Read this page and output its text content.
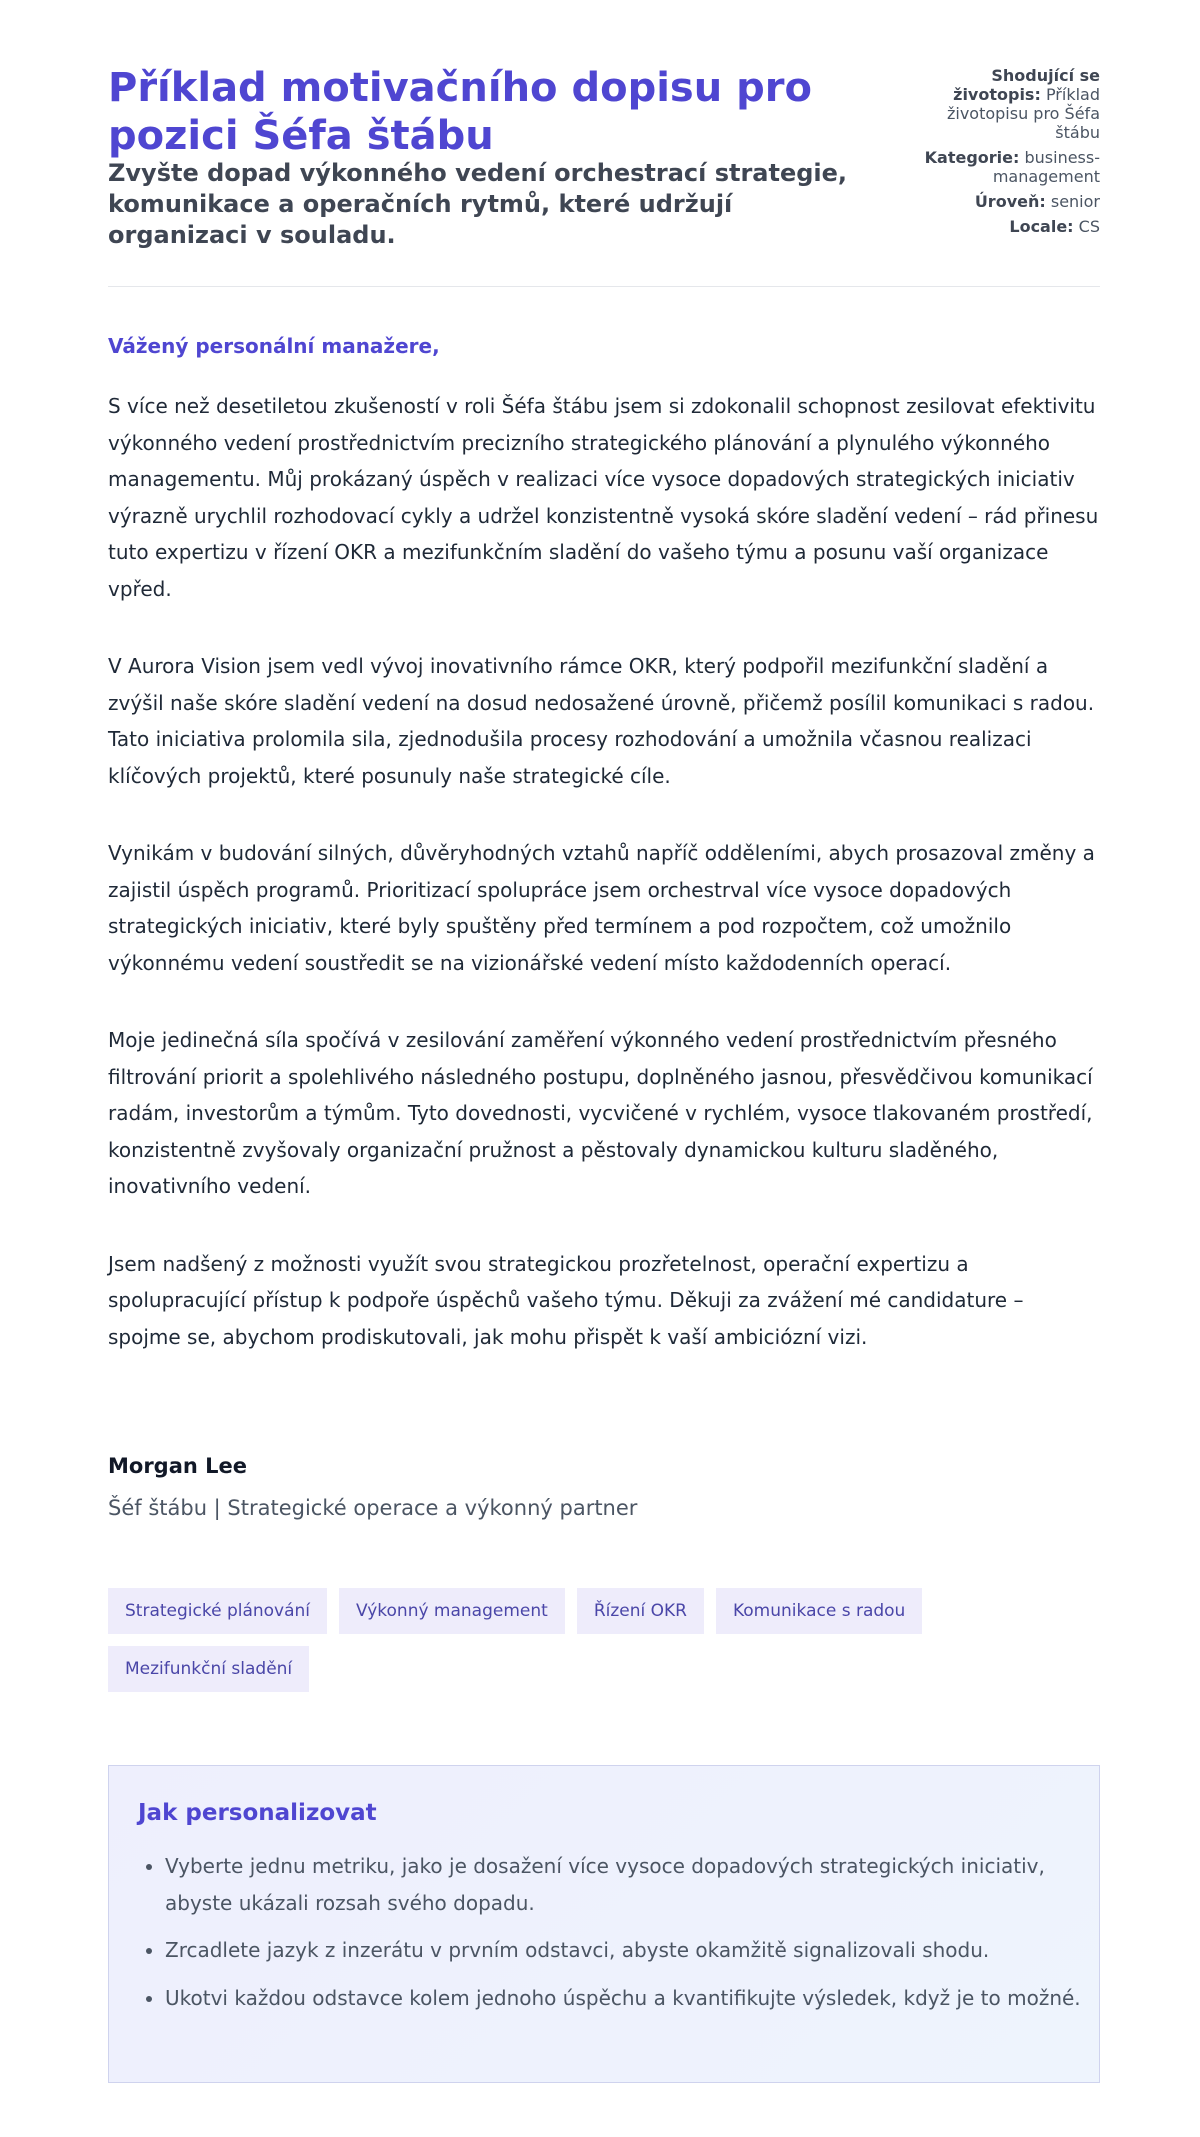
Příklad motivačního dopisu pro pozici Šéfa štábu
Zvyšte dopad výkonného vedení orchestrací strategie, komunikace a operačních rytmů, které udržují organizaci v souladu.
Shodující se životopis: Příklad životopisu pro Šéfa štábu
Kategorie: business-management
Úroveň: senior
Locale: CS

Vážený personální manažere,

S více než desetiletou zkušeností v roli Šéfa štábu jsem si zdokonalil schopnost zesilovat efektivitu výkonného vedení prostřednictvím precizního strategického plánování a plynulého výkonného managementu. Můj prokázaný úspěch v realizaci více vysoce dopadových strategických iniciativ výrazně urychlil rozhodovací cykly a udržel konzistentně vysoká skóre sladění vedení – rád přinesu tuto expertizu v řízení OKR a mezifunkčním sladění do vašeho týmu a posunu vaší organizace vpřed.

V Aurora Vision jsem vedl vývoj inovativního rámce OKR, který podpořil mezifunkční sladění a zvýšil naše skóre sladění vedení na dosud nedosažené úrovně, přičemž posílil komunikaci s radou. Tato iniciativa prolomila sila, zjednodušila procesy rozhodování a umožnila včasnou realizaci klíčových projektů, které posunuly naše strategické cíle.

Vynikám v budování silných, důvěryhodných vztahů napříč odděleními, abych prosazoval změny a zajistil úspěch programů. Prioritizací spolupráce jsem orchestrval více vysoce dopadových strategických iniciativ, které byly spuštěny před termínem a pod rozpočtem, což umožnilo výkonnému vedení soustředit se na vizionářské vedení místo každodenních operací.

Moje jedinečná síla spočívá v zesilování zaměření výkonného vedení prostřednictvím přesného filtrování priorit a spolehlivého následného postupu, doplněného jasnou, přesvědčivou komunikací radám, investorům a týmům. Tyto dovednosti, vycvičené v rychlém, vysoce tlakovaném prostředí, konzistentně zvyšovaly organizační pružnost a pěstovaly dynamickou kulturu sladěného, inovativního vedení.

Jsem nadšený z možnosti využít svou strategickou prozřetelnost, operační expertizu a spolupracující přístup k podpoře úspěchů vašeho týmu. Děkuji za zvážení mé candidature – spojme se, abychom prodiskutovali, jak mohu přispět k vaší ambiciózní vizi.

Morgan Lee
Šéf štábu | Strategické operace a výkonný partner
Strategické plánování	Výkonný management	Řízení OKR	Komunikace s radou
Mezifunkční sladění
Jak personalizovat
• Vyberte jednu metriku, jako je dosažení více vysoce dopadových strategických iniciativ, abyste ukázali rozsah svého dopadu.
• Zrcadlete jazyk z inzerátu v prvním odstavci, abyste okamžitě signalizovali shodu.
• Ukotvi každou odstavce kolem jednoho úspěchu a kvantifikujte výsledek, když je to možné.
